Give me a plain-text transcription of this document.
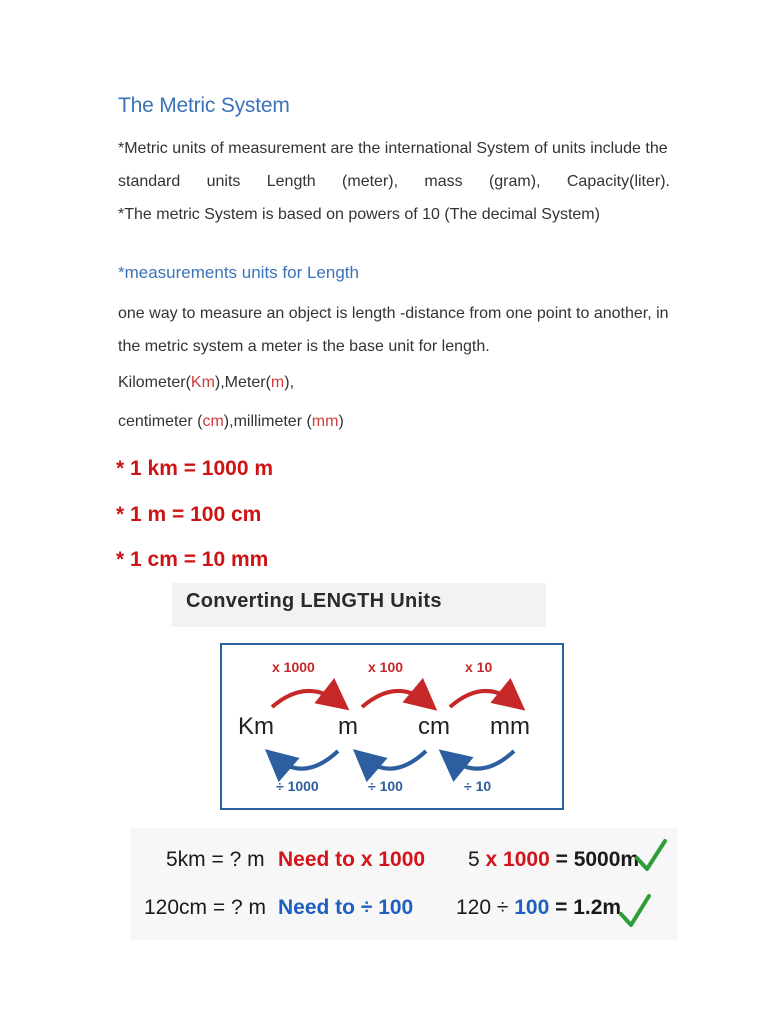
The Metric System
*Metric units of measurement are the international System of units include the
standard units Length (meter), mass (gram), Capacity(liter).
*The metric System is based on powers of 10 (The decimal System)
*measurements units for Length
one way to measure an object is length -distance from one point to another, in
the metric system a meter is the base unit for length.
Kilometer(Km),Meter(m),
centimeter (cm),millimeter (mm)
* 1 km = 1000 m
* 1 m = 100 cm
* 1 cm = 10 mm
Converting LENGTH Units
x 1000	x 100	x 10
Km	m	cm mm
÷ 1000	÷ 100	÷ 10
5km = ? m Need to x 1000 5 x 1000 = 5000m
120cm = ? m Need to ÷ 100 120 ÷ 100 = 1.2m
